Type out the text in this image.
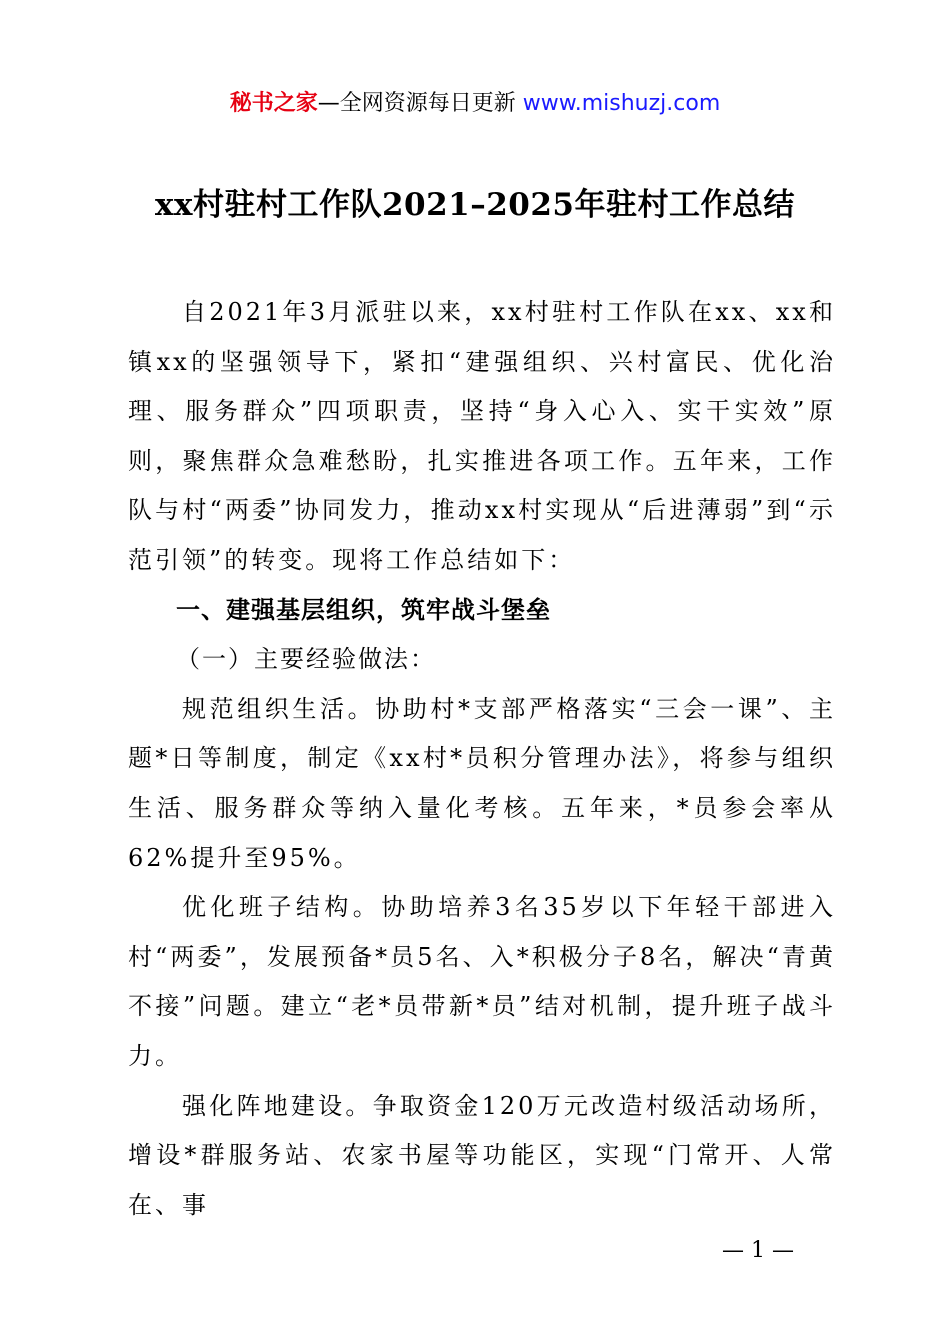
秘书之家—全网资源每日更新 www.mishuzj.com
xx村驻村工作队2021–2025年驻村工作总结

自2021年3月派驻以来，xx村驻村工作队在xx、xx和镇xx的坚强领导下，紧扣“建强组织、兴村富民、优化治理、服务群众”四项职责，坚持“身入心入、实干实效”原则，聚焦群众急难愁盼，扎实推进各项工作。五年来，工作队与村“两委”协同发力，推动xx村实现从“后进薄弱”到“示范引领”的转变。现将工作总结如下：

一、建强基层组织，筑牢战斗堡垒

（一）主要经验做法：

规范组织生活。协助村*支部严格落实“三会一课”、主题*日等制度，制定《xx村*员积分管理办法》，将参与组织生活、服务群众等纳入量化考核。五年来，*员参会率从62%提升至95%。

优化班子结构。协助培养3名35岁以下年轻干部进入村“两委”，发展预备*员5名、入*积极分子8名，解决“青黄不接”问题。建立“老*员带新*员”结对机制，提升班子战斗力。

强化阵地建设。争取资金120万元改造村级活动场所，增设*群服务站、农家书屋等功能区，实现“门常开、人常在、事

— 1 —
